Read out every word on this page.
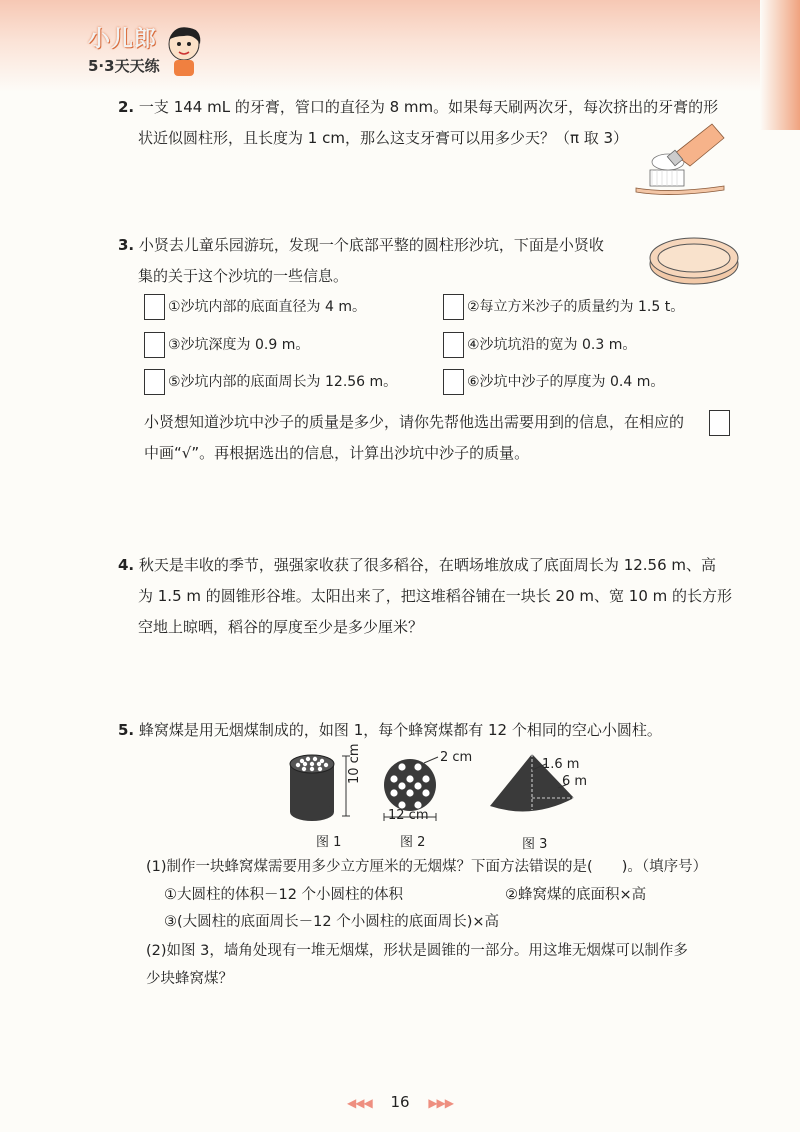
小儿郎
5·3天天练
2. 一支 144 mL 的牙膏，管口的直径为 8 mm。如果每天刷两次牙，每次挤出的牙膏的形
状近似圆柱形，且长度为 1 cm，那么这支牙膏可以用多少天？（π 取 3）
3. 小贤去儿童乐园游玩，发现一个底部平整的圆柱形沙坑，下面是小贤收
集的关于这个沙坑的一些信息。
①沙坑内部的底面直径为 4 m。	②每立方米沙子的质量约为 1.5 t。
③沙坑深度为 0.9 m。	④沙坑坑沿的宽为 0.3 m。
⑤沙坑内部的底面周长为 12.56 m。	⑥沙坑中沙子的厚度为 0.4 m。
小贤想知道沙坑中沙子的质量是多少，请你先帮他选出需要用到的信息，在相应的
中画“√”。再根据选出的信息，计算出沙坑中沙子的质量。
4. 秋天是丰收的季节，强强家收获了很多稻谷，在晒场堆放成了底面周长为 12.56 m、高
为 1.5 m 的圆锥形谷堆。太阳出来了，把这堆稻谷铺在一块长 20 m、宽 10 m 的长方形
空地上晾晒，稻谷的厚度至少是多少厘米？
5. 蜂窝煤是用无烟煤制成的，如图 1，每个蜂窝煤都有 12 个相同的空心小圆柱。
10 cm	2 cm
12 cm
1.6 m
6 m
图 1	图 2	图 3
(1)制作一块蜂窝煤需要用多少立方厘米的无烟煤？下面方法错误的是(　　)。（填序号）
①大圆柱的体积－12 个小圆柱的体积	②蜂窝煤的底面积×高
③(大圆柱的底面周长－12 个小圆柱的底面周长)×高
(2)如图 3，墙角处现有一堆无烟煤，形状是圆锥的一部分。用这堆无烟煤可以制作多
少块蜂窝煤？
◀◀◀ 16 ▶▶▶
